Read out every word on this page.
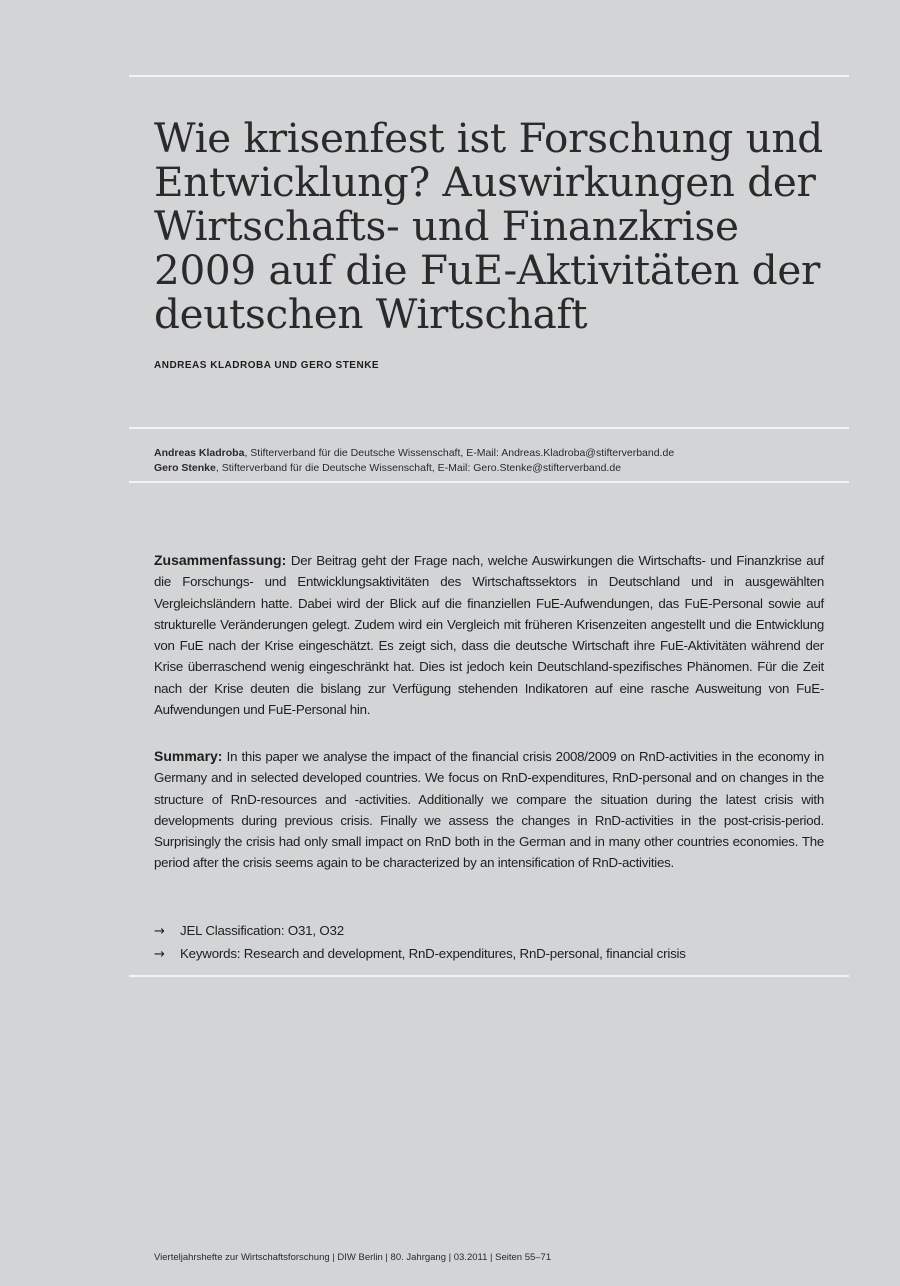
Wie krisenfest ist Forschung und
Entwicklung? Auswirkungen der
Wirtschafts- und Finanzkrise
2009 auf die FuE-Aktivitäten der
deutschen Wirtschaft
ANDREAS KLADROBA UND GERO STENKE
Andreas Kladroba, Stifterverband für die Deutsche Wissenschaft, E-Mail: Andreas.Kladroba@stifterverband.de
Gero Stenke, Stifterverband für die Deutsche Wissenschaft, E-Mail: Gero.Stenke@stifterverband.de

Zusammenfassung: Der Beitrag geht der Frage nach, welche Auswirkungen die Wirtschafts- und Finanzkrise auf die Forschungs- und Entwicklungsaktivitäten des Wirtschaftssektors in Deutschland und in ausgewählten Vergleichsländern hatte. Dabei wird der Blick auf die finanziellen FuE-Aufwendungen, das FuE-Personal sowie auf strukturelle Veränderungen gelegt. Zudem wird ein Vergleich mit früheren Krisenzeiten angestellt und die Entwicklung von FuE nach der Krise eingeschätzt. Es zeigt sich, dass die deutsche Wirtschaft ihre FuE-Aktivitäten während der Krise überraschend wenig eingeschränkt hat. Dies ist jedoch kein Deutschland-spezifisches Phänomen. Für die Zeit nach der Krise deuten die bislang zur Verfügung stehenden Indikatoren auf eine rasche Ausweitung von FuE-Aufwendungen und FuE-Personal hin.

Summary: In this paper we analyse the impact of the financial crisis 2008/2009 on RnD-activities in the economy in Germany and in selected developed countries. We focus on RnD-expenditures, RnD-personal and on changes in the structure of RnD-resources and -activities. Additionally we compare the situation during the latest crisis with developments during previous crisis. Finally we assess the changes in RnD-activities in the post-crisis-period. Surprisingly the crisis had only small impact on RnD both in the German and in many other countries economies. The period after the crisis seems again to be characterized by an intensification of RnD-activities.

→ JEL Classification: O31, O32
→ Keywords: Research and development, RnD-expenditures, RnD-personal, financial crisis
Vierteljahrshefte zur Wirtschaftsforschung | DIW Berlin | 80. Jahrgang | 03.2011 | Seiten 55–71
